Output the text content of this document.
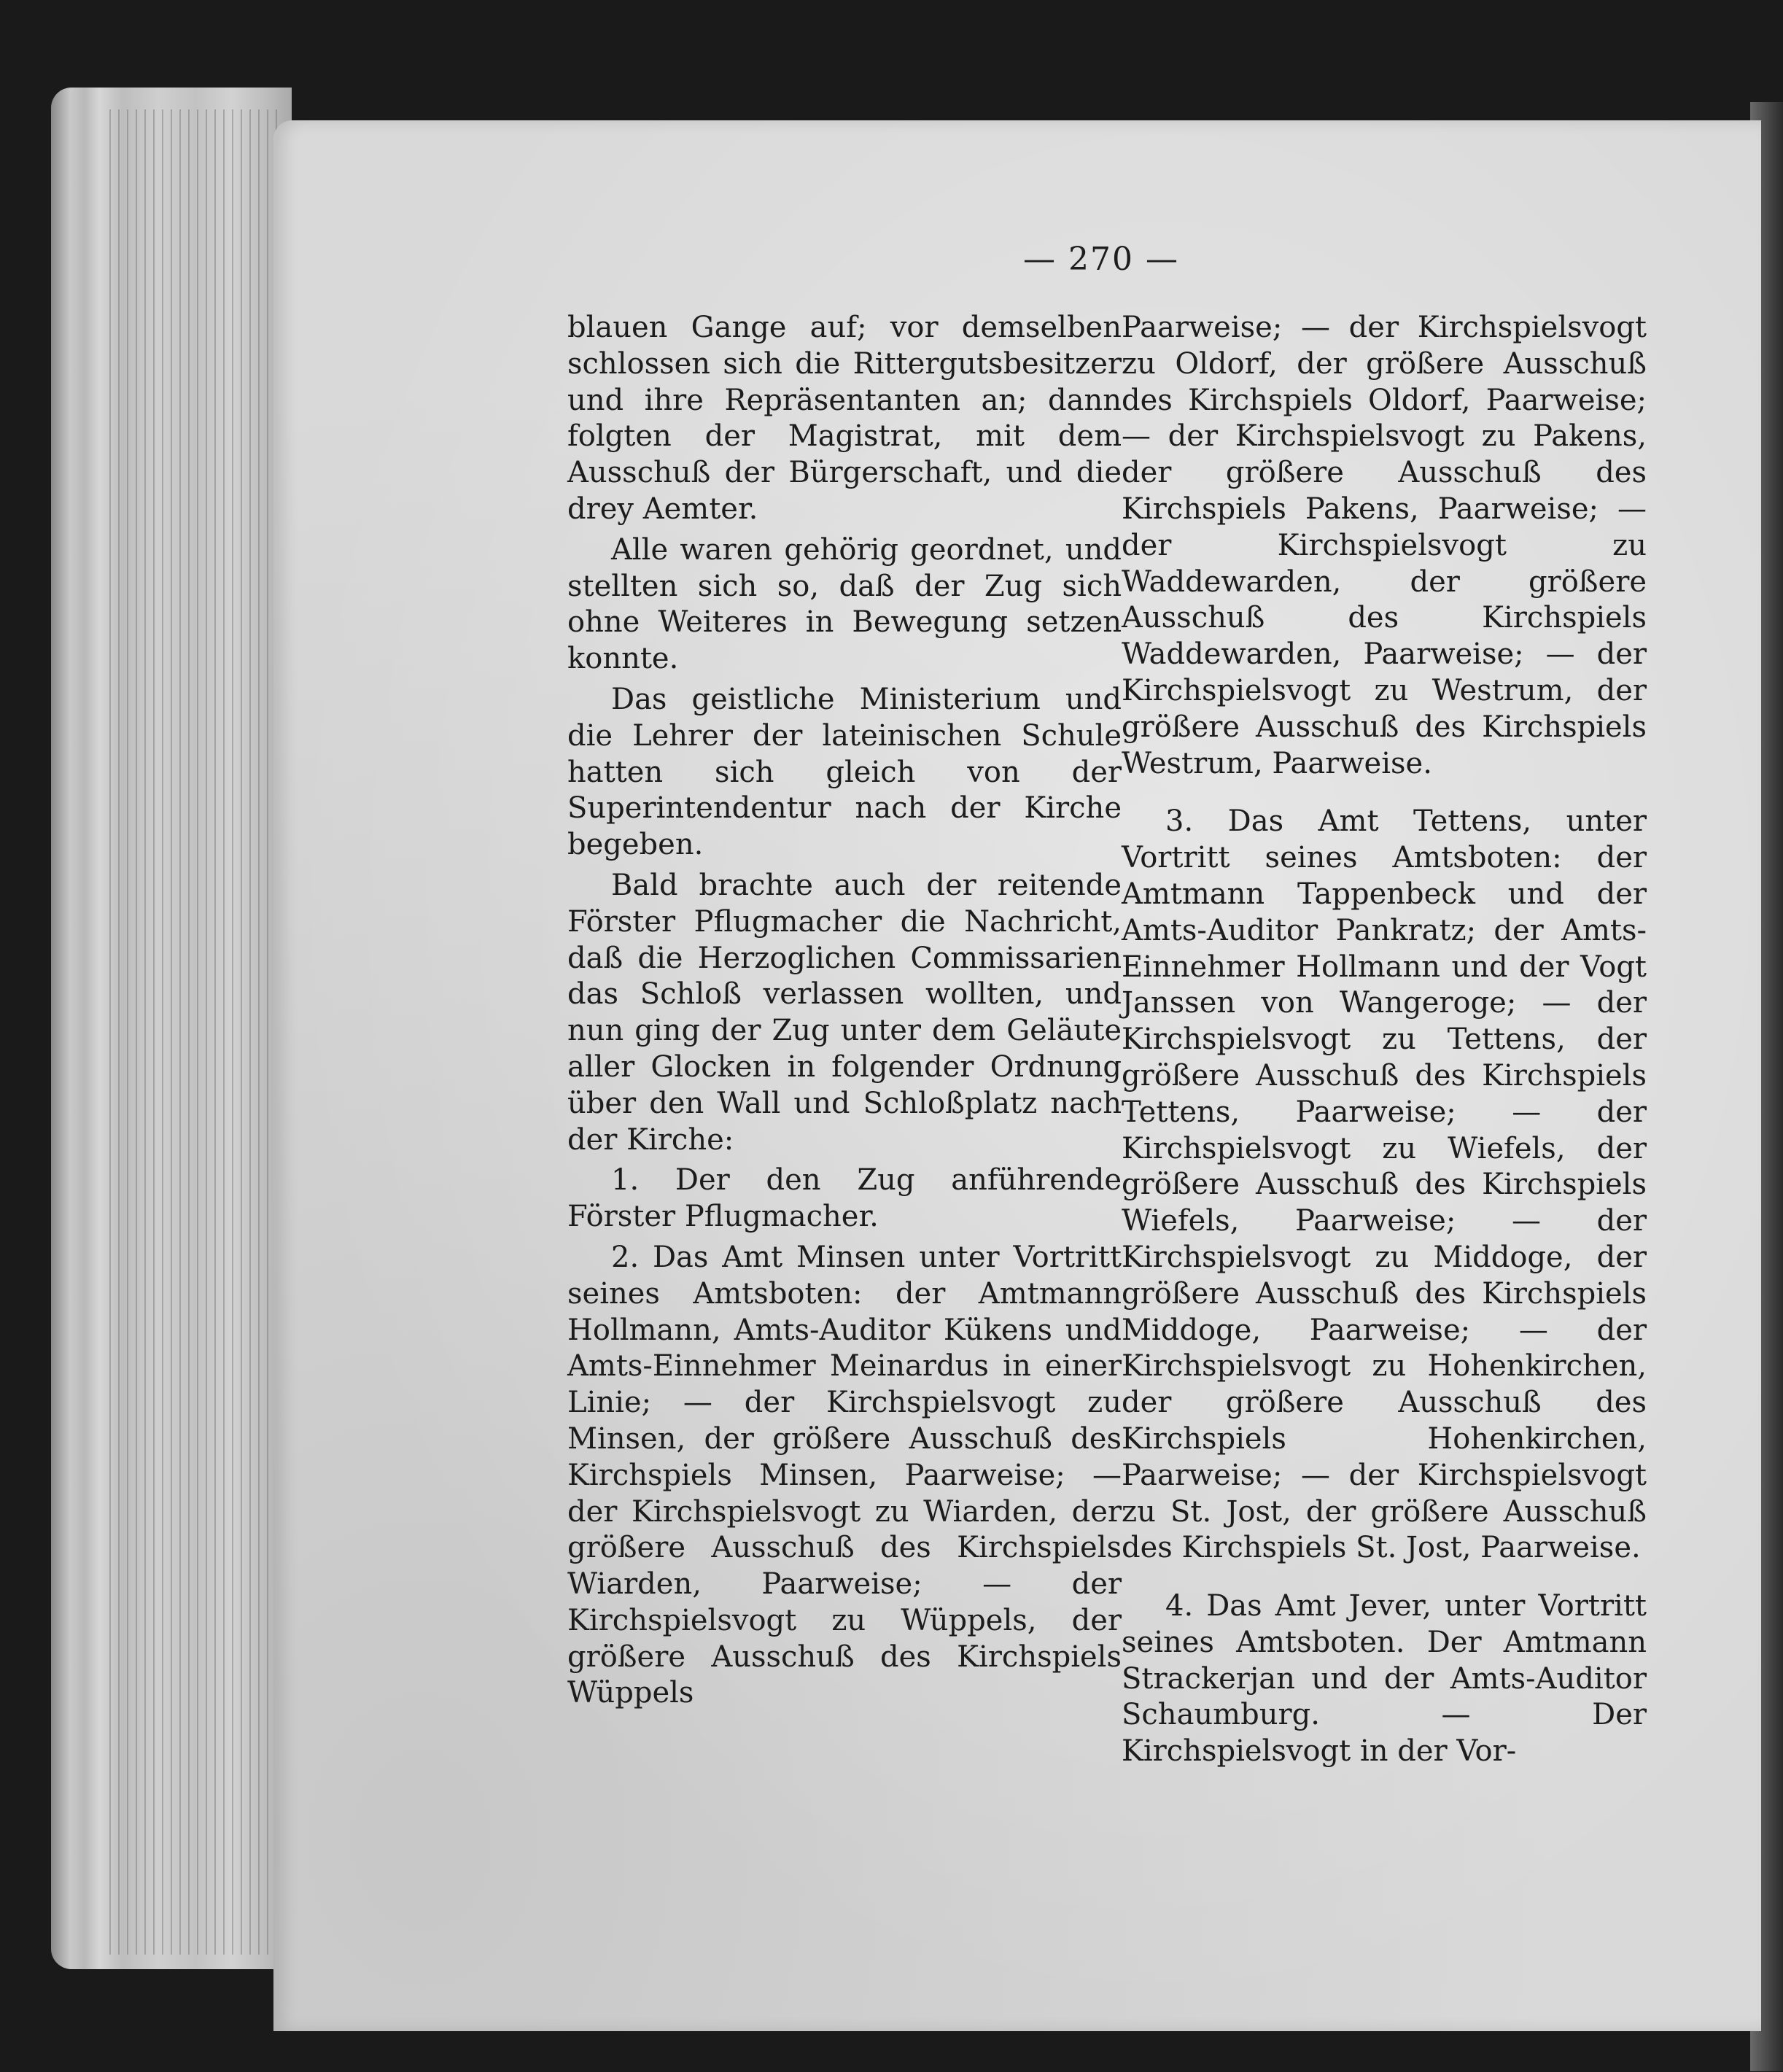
— 270 —

blauen Gange auf; vor demselben schlossen sich die Rittergutsbesitzer und ihre Repräsentanten an; dann folgten der Magistrat, mit dem Ausschuß der Bürgerschaft, und die drey Aemter.

Alle waren gehörig geordnet, und stellten sich so, daß der Zug sich ohne Weiteres in Bewegung setzen konnte.

Das geistliche Ministerium und die Lehrer der lateinischen Schule hatten sich gleich von der Superintendentur nach der Kirche begeben.

Bald brachte auch der reitende Förster Pflugmacher die Nachricht, daß die Herzoglichen Commissarien das Schloß verlassen wollten, und nun ging der Zug unter dem Geläute aller Glocken in folgender Ordnung über den Wall und Schloßplatz nach der Kirche:

1. Der den Zug anführende Förster Pflugmacher.

2. Das Amt Minsen unter Vortritt seines Amtsboten: der Amtmann Hollmann, Amts-Auditor Kükens und Amts-Einnehmer Meinardus in einer Linie; — der Kirchspielsvogt zu Minsen, der größere Ausschuß des Kirchspiels Minsen, Paarweise; — der Kirchspielsvogt zu Wiarden, der größere Ausschuß des Kirchspiels Wiarden, Paarweise; — der Kirchspielsvogt zu Wüppels, der größere Ausschuß des Kirchspiels Wüppels

Paarweise; — der Kirchspielsvogt zu Oldorf, der größere Ausschuß des Kirchspiels Oldorf, Paarweise; — der Kirchspielsvogt zu Pakens, der größere Ausschuß des Kirchspiels Pakens, Paarweise; — der Kirchspielsvogt zu Waddewarden, der größere Ausschuß des Kirchspiels Waddewarden, Paarweise; — der Kirchspielsvogt zu Westrum, der größere Ausschuß des Kirchspiels Westrum, Paarweise.

3. Das Amt Tettens, unter Vortritt seines Amtsboten: der Amtmann Tappenbeck und der Amts-Auditor Pankratz; der Amts-Einnehmer Hollmann und der Vogt Janssen von Wangeroge; — der Kirchspielsvogt zu Tettens, der größere Ausschuß des Kirchspiels Tettens, Paarweise; — der Kirchspielsvogt zu Wiefels, der größere Ausschuß des Kirchspiels Wiefels, Paarweise; — der Kirchspielsvogt zu Middoge, der größere Ausschuß des Kirchspiels Middoge, Paarweise; — der Kirchspielsvogt zu Hohenkirchen, der größere Ausschuß des Kirchspiels Hohenkirchen, Paarweise; — der Kirchspielsvogt zu St. Jost, der größere Ausschuß des Kirchspiels St. Jost, Paarweise.

4. Das Amt Jever, unter Vortritt seines Amtsboten. Der Amtmann Strackerjan und der Amts-Auditor Schaumburg. — Der Kirchspielsvogt in der Vor-
